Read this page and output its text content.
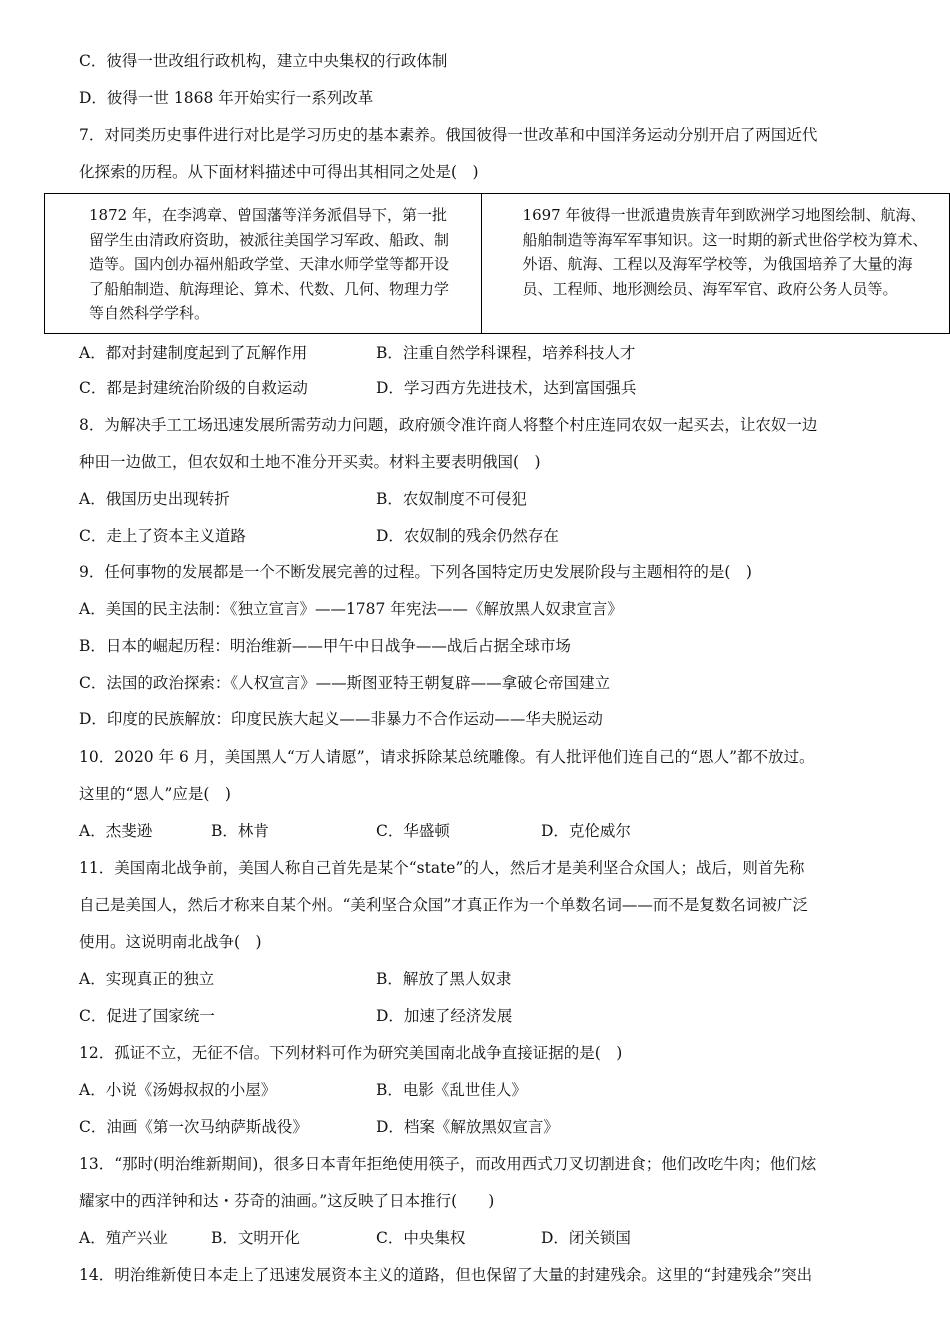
C．彼得一世改组行政机构，建立中央集权的行政体制
D．彼得一世 1868 年开始实行一系列改革
7．对同类历史事件进行对比是学习历史的基本素养。俄国彼得一世改革和中国洋务运动分别开启了两国近代
化探索的历程。从下面材料描述中可得出其相同之处是(　)
1872 年，在李鸿章、曾国藩等洋务派倡导下，第一批留学生由清政府资助，被派往美国学习军政、船政、制造等。国内创办福州船政学堂、天津水师学堂等都开设了船舶制造、航海理论、算术、代数、几何、物理力学等自然科学学科。
1697 年彼得一世派遣贵族青年到欧洲学习地图绘制、航海、船舶制造等海军军事知识。这一时期的新式世俗学校为算术、外语、航海、工程以及海军学校等，为俄国培养了大量的海员、工程师、地形测绘员、海军军官、政府公务人员等。
A．都对封建制度起到了瓦解作用	B．注重自然学科课程，培养科技人才
C．都是封建统治阶级的自救运动	D．学习西方先进技术，达到富国强兵
8．为解决手工工场迅速发展所需劳动力问题，政府颁令准许商人将整个村庄连同农奴一起买去，让农奴一边
种田一边做工，但农奴和土地不准分开买卖。材料主要表明俄国(　)
A．俄国历史出现转折	B．农奴制度不可侵犯
C．走上了资本主义道路	D．农奴制的残余仍然存在
9．任何事物的发展都是一个不断发展完善的过程。下列各国特定历史发展阶段与主题相符的是(　)
A．美国的民主法制：《独立宣言》——1787 年宪法——《解放黑人奴隶宣言》
B．日本的崛起历程：明治维新——甲午中日战争——战后占据全球市场
C．法国的政治探索：《人权宣言》——斯图亚特王朝复辟——拿破仑帝国建立
D．印度的民族解放：印度民族大起义——非暴力不合作运动——华夫脱运动
10．2020 年 6 月，美国黑人“万人请愿”，请求拆除某总统雕像。有人批评他们连自己的“恩人”都不放过。
这里的“恩人”应是(　)
A．杰斐逊	B．林肯	C．华盛顿	D．克伦威尔
11．美国南北战争前，美国人称自己首先是某个“state”的人，然后才是美利坚合众国人；战后，则首先称
自己是美国人，然后才称来自某个州。“美利坚合众国”才真正作为一个单数名词——而不是复数名词被广泛
使用。这说明南北战争(　)
A．实现真正的独立	B．解放了黑人奴隶
C．促进了国家统一	D．加速了经济发展
12．孤证不立，无征不信。下列材料可作为研究美国南北战争直接证据的是(　)
A．小说《汤姆叔叔的小屋》	B．电影《乱世佳人》
C．油画《第一次马纳萨斯战役》	D．档案《解放黑奴宣言》
13．“那时(明治维新期间)，很多日本青年拒绝使用筷子，而改用西式刀叉切割进食；他们改吃牛肉；他们炫
耀家中的西洋钟和达・芬奇的油画。”这反映了日本推行(　　)
A．殖产兴业	B．文明开化	C．中央集权	D．闭关锁国
14．明治维新使日本走上了迅速发展资本主义的道路，但也保留了大量的封建残余。这里的“封建残余”突出
